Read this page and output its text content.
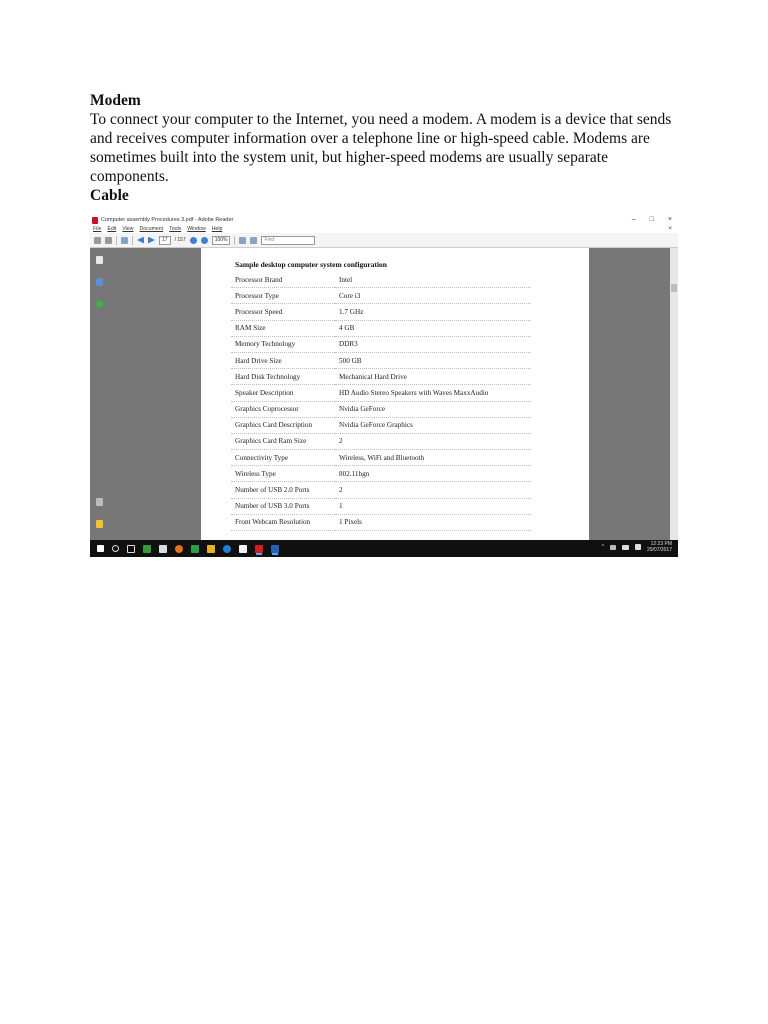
Modem

To connect your computer to the Internet, you need a modem. A modem is a device that sends and receives computer information over a telephone line or high-speed cable. Modems are sometimes built into the system unit, but higher-speed modems are usually separate components.

Cable

Computer assembly Procedures 3.pdf - Adobe Reader	– □ ×
File Edit View Document Tools Window Help	×
17	/ 157	100%	Find
Sample desktop computer system configuration
Processor Brand	Intel
Processor Type	Core i3
Processor Speed	1.7 GHz
RAM Size	4 GB
Memory Technology	DDR3
Hard Drive Size	500 GB
Hard Disk Technology	Mechanical Hard Drive
Speaker Description	HD Audio Stereo Speakers with Waves MaxxAudio
Graphics Coprocessor	Nvidia GeForce
Graphics Card Description	Nvidia GeForce Graphics
Graphics Card Ram Size	2
Connectivity Type	Wireless, WiFi and Bluetooth
Wireless Type	802.11bgn
Number of USB 2.0 Ports	2
Number of USB 3.0 Ports	1
Front Webcam Resolution	1 Pixels
^	12:23 PM
29/07/2017
